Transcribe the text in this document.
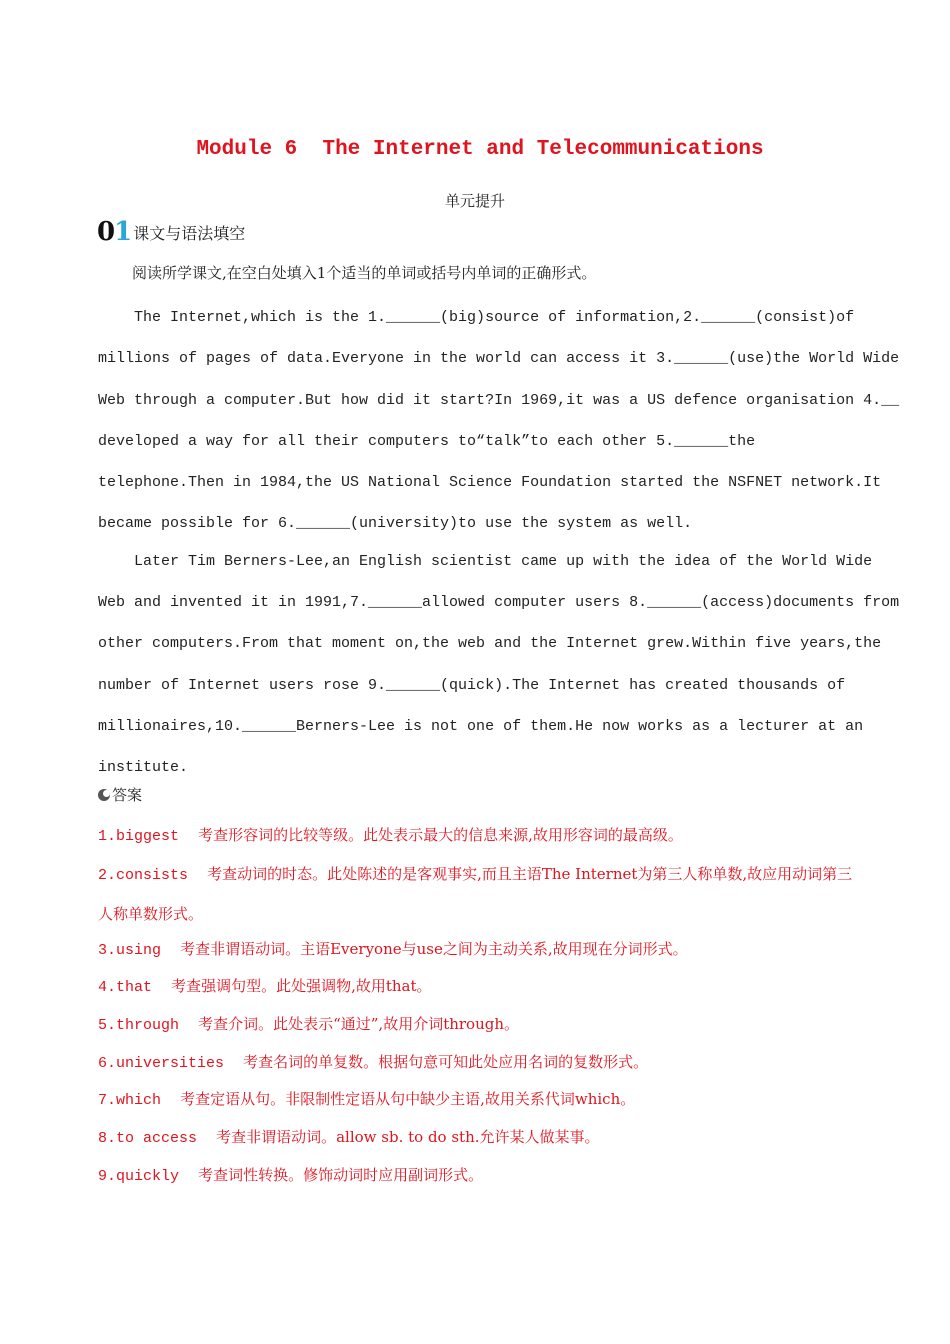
Module 6  The Internet and Telecommunications
单元提升
01 课文与语法填空
阅读所学课文,在空白处填入1个适当的单词或括号内单词的正确形式。
The Internet,which is the 1.______(big)source of information,2.______(consist)of
millions of pages of data.Everyone in the world can access it 3.______(use)the World Wide
Web through a computer.But how did it start?In 1969,it was a US defence organisation 4.__
developed a way for all their computers to“talk”to each other 5.______the
telephone.Then in 1984,the US National Science Foundation started the NSFNET network.It
became possible for 6.______(university)to use the system as well.
Later Tim Berners-Lee,an English scientist came up with the idea of the World Wide
Web and invented it in 1991,7.______allowed computer users 8.______(access)documents from
other computers.From that moment on,the web and the Internet grew.Within five years,the
number of Internet users rose 9.______(quick).The Internet has created thousands of
millionaires,10.______Berners-Lee is not one of them.He now works as a lecturer at an
institute.
答案
1.biggest 考查形容词的比较等级。此处表示最大的信息来源,故用形容词的最高级。
2.consists 考查动词的时态。此处陈述的是客观事实,而且主语The Internet为第三人称单数,故应用动词第三人称单数形式。
3.using 考查非谓语动词。主语Everyone与use之间为主动关系,故用现在分词形式。
4.that 考查强调句型。此处强调物,故用that。
5.through 考查介词。此处表示“通过”,故用介词through。
6.universities 考查名词的单复数。根据句意可知此处应用名词的复数形式。
7.which 考查定语从句。非限制性定语从句中缺少主语,故用关系代词which。
8.to access 考查非谓语动词。allow sb. to do sth.允许某人做某事。
9.quickly 考查词性转换。修饰动词时应用副词形式。
